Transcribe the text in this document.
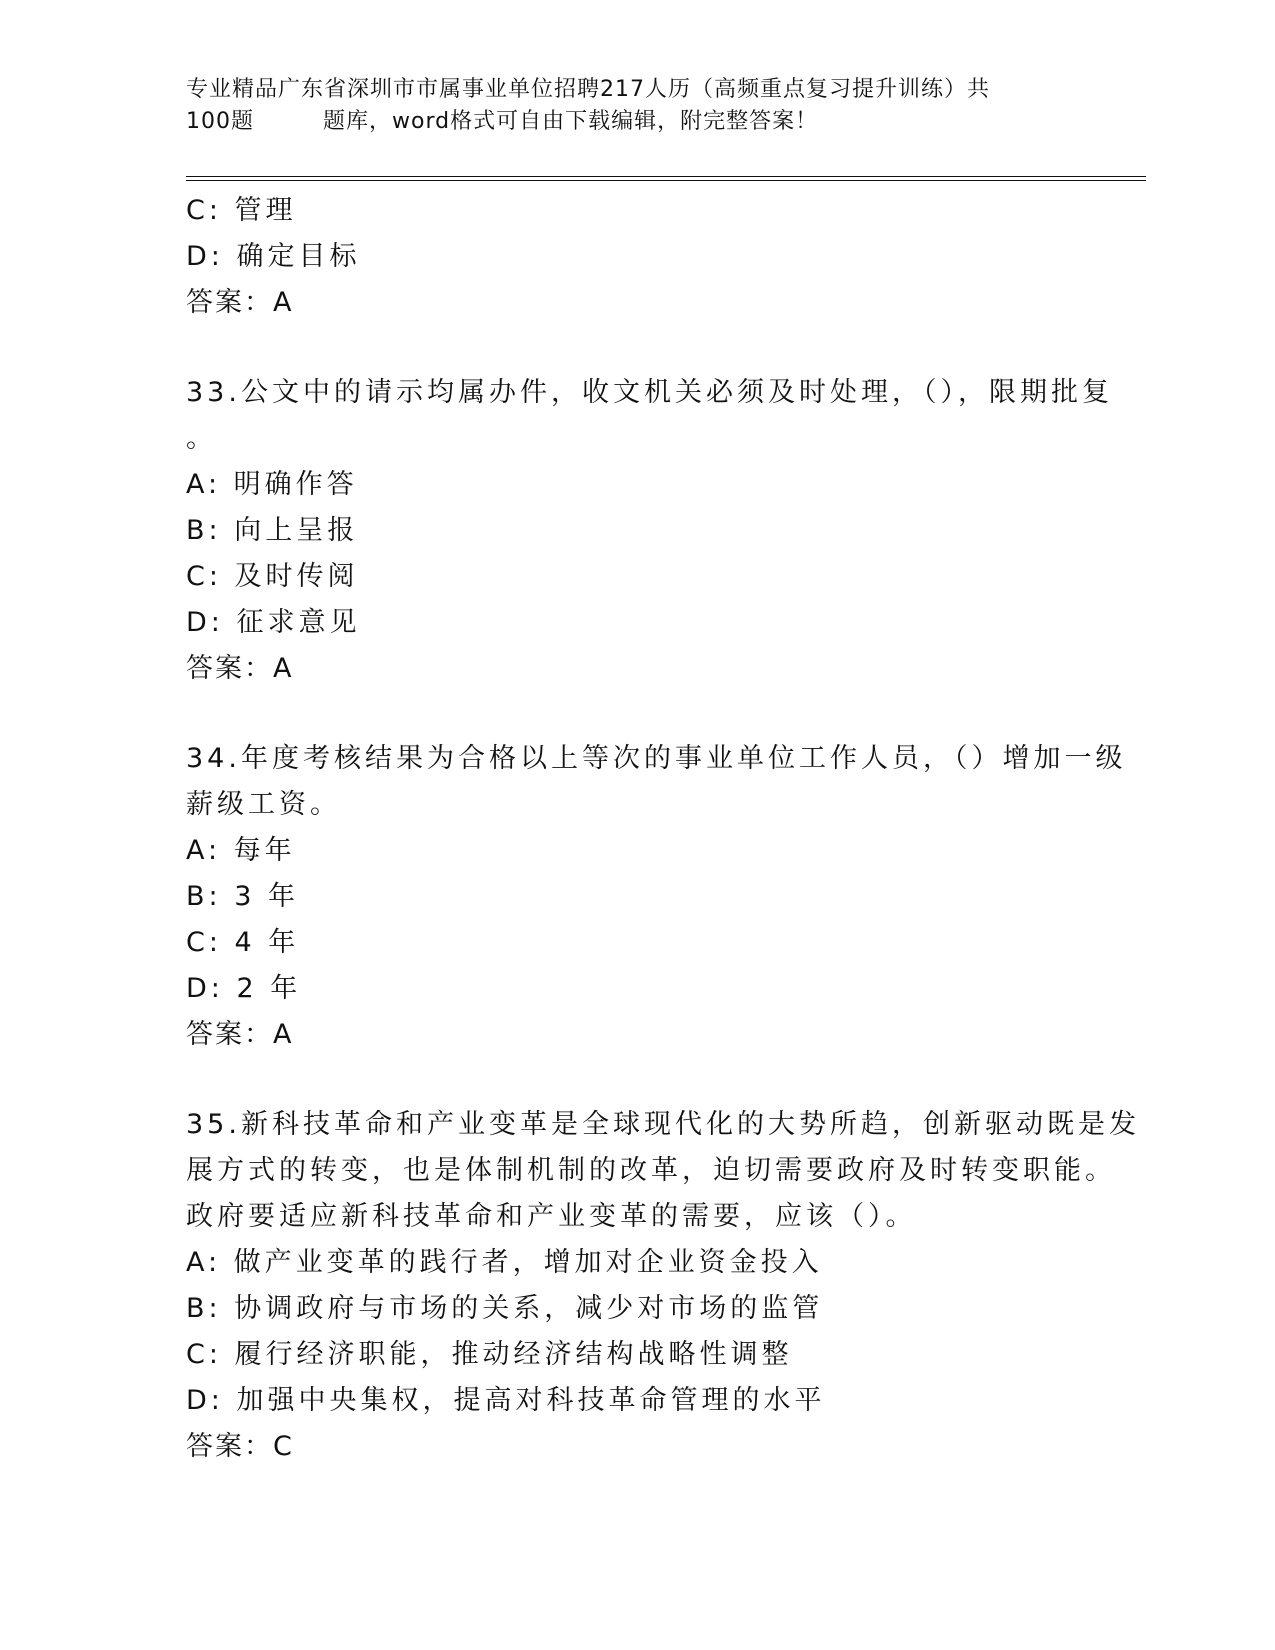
专业精品广东省深圳市市属事业单位招聘217人历（高频重点复习提升训练）共
100题　　　题库，word格式可自由下载编辑，附完整答案！
C: 管理
D: 确定目标
答案：A
33.公文中的请示均属办件，收文机关必须及时处理，（），限期批复
。
A: 明确作答
B: 向上呈报
C: 及时传阅
D: 征求意见
答案：A
34.年度考核结果为合格以上等次的事业单位工作人员，（）增加一级
薪级工资。
A: 每年
B: 3 年
C: 4 年
D: 2 年
答案：A
35.新科技革命和产业变革是全球现代化的大势所趋，创新驱动既是发
展方式的转变，也是体制机制的改革，迫切需要政府及时转变职能。
政府要适应新科技革命和产业变革的需要，应该（）。
A: 做产业变革的践行者，增加对企业资金投入
B: 协调政府与市场的关系，减少对市场的监管
C: 履行经济职能，推动经济结构战略性调整
D: 加强中央集权，提高对科技革命管理的水平
答案：C
